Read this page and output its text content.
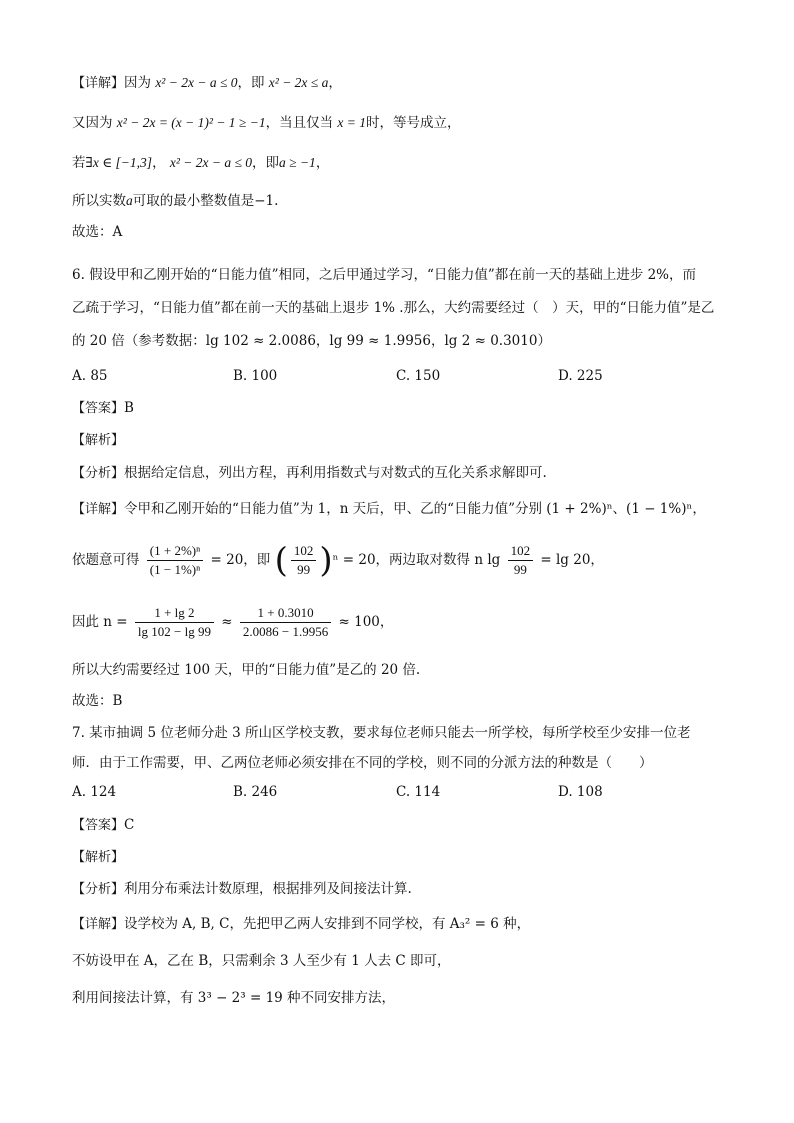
【详解】因为 x² − 2x − a ≤ 0，即 x² − 2x ≤ a，
又因为 x² − 2x = (x − 1)² − 1 ≥ −1，当且仅当 x = 1时，等号成立，
若∃x ∈ [−1,3]， x² − 2x − a ≤ 0，即a ≥ −1，
所以实数a可取的最小整数值是−1.
故选：A
6. 假设甲和乙刚开始的“日能力值”相同，之后甲通过学习，“日能力值”都在前一天的基础上进步 2%，而
乙疏于学习，“日能力值”都在前一天的基础上退步 1% .那么，大约需要经过（　）天，甲的“日能力值”是乙
的 20 倍（参考数据：lg 102 ≈ 2.0086，lg 99 ≈ 1.9956，lg 2 ≈ 0.3010）
A. 85	B. 100	C. 150	D. 225
【答案】B
【解析】
【分析】根据给定信息，列出方程，再利用指数式与对数式的互化关系求解即可.
【详解】令甲和乙刚开始的“日能力值”为 1，n 天后，甲、乙的“日能力值”分别 (1 + 2%)ⁿ、(1 − 1%)ⁿ，
依题意可得 $\frac{\text{(1 + 2\%)ⁿ}}{\text{(1 − 1\%)ⁿ}} = 20$，即 ( $\frac{102}{99} )^n = 20$，两边取对数得 n $\lg \frac{102}{99} = \lg 20$，
因此 $n = \frac{1 + \lg 2}{\lg 102 - \lg 99} \approx \frac{1 + 0.3010}{2.0086 - 1.9956} \approx 100$，
所以大约需要经过 100 天，甲的“日能力值”是乙的 20 倍.
故选：B
7. 某市抽调 5 位老师分赴 3 所山区学校支教，要求每位老师只能去一所学校，每所学校至少安排一位老
师．由于工作需要，甲、乙两位老师必须安排在不同的学校，则不同的分派方法的种数是（　　）
A. 124	B. 246	C. 114	D. 108
【答案】C
【解析】
【分析】利用分布乘法计数原理，根据排列及间接法计算.
【详解】设学校为 A, B, C，先把甲乙两人安排到不同学校，有 A₃² = 6 种，
不妨设甲在 A，乙在 B，只需剩余 3 人至少有 1 人去 C 即可，
利用间接法计算，有 3³ − 2³ = 19 种不同安排方法，
